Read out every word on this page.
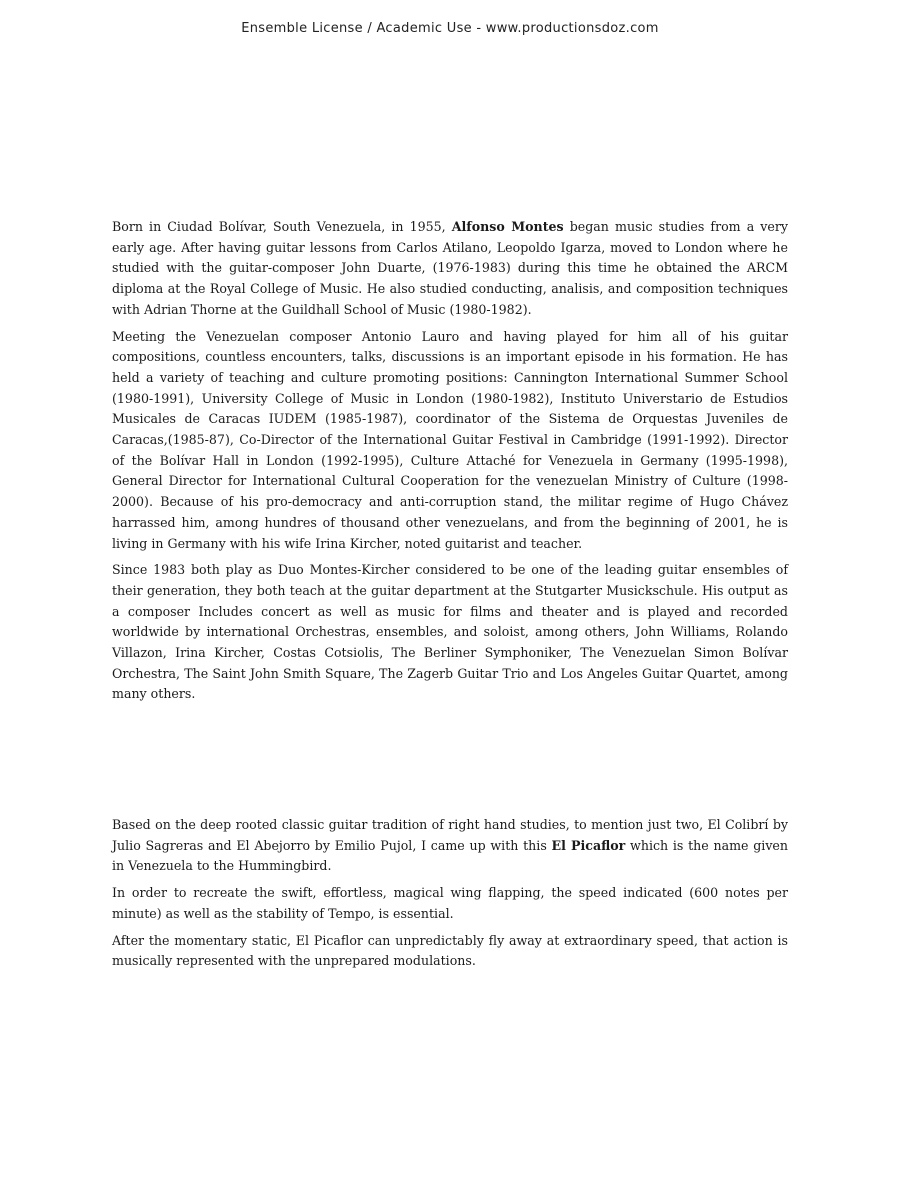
Ensemble License / Academic Use - www.productionsdoz.com

Born in Ciudad Bolívar, South Venezuela, in 1955, Alfonso Montes began music studies from a very early age. After having guitar lessons from Carlos Atilano, Leopoldo Igarza, moved to London where he studied with the guitar-composer John Duarte, (1976-1983) during this time he obtained the ARCM diploma at the Royal College of Music. He also studied conducting, analisis, and composition techniques with Adrian Thorne at the Guildhall School of Music (1980-1982).

Meeting the Venezuelan composer Antonio Lauro and having played for him all of his guitar compositions, countless encounters, talks, discussions is an important episode in his formation. He has held a variety of teaching and culture promoting positions: Cannington International Summer School (1980-1991), University College of Music in London (1980-1982), Instituto Universtario de Estudios Musicales de Caracas IUDEM (1985-1987), coordinator of the Sistema de Orquestas Juveniles de Caracas,(1985-87), Co-Director of the International Guitar Festival in Cambridge (1991-1992). Director of the Bolívar Hall in London (1992-1995), Culture Attaché for Venezuela in Germany (1995-1998), General Director for International Cultural Cooperation for the venezuelan Ministry of Culture (1998-2000). Because of his pro-democracy and anti-corruption stand, the militar regime of Hugo Chávez harrassed him, among hundres of thousand other venezuelans, and from the beginning of 2001, he is living in Germany with his wife Irina Kircher, noted guitarist and teacher.

Since 1983 both play as Duo Montes-Kircher considered to be one of the leading guitar ensembles of their generation, they both teach at the guitar department at the Stutgarter Musickschule. His output as a composer Includes concert as well as music for films and theater and is played and recorded worldwide by international Orchestras, ensembles, and soloist, among others, John Williams, Rolando Villazon, Irina Kircher, Costas Cotsiolis, The Berliner Symphoniker, The Venezuelan Simon Bolívar Orchestra, The Saint John Smith Square, The Zagerb Guitar Trio and Los Angeles Guitar Quartet, among many others.

Based on the deep rooted classic guitar tradition of right hand studies, to mention just two, El Colibrí by Julio Sagreras and El Abejorro by Emilio Pujol, I came up with this El Picaflor which is the name given in Venezuela to the Hummingbird.

In order to recreate the swift, effortless, magical wing flapping, the speed indicated (600 notes per minute) as well as the stability of Tempo, is essential.

After the momentary static, El Picaflor can unpredictably fly away at extraordinary speed, that action is musically represented with the unprepared modulations.
